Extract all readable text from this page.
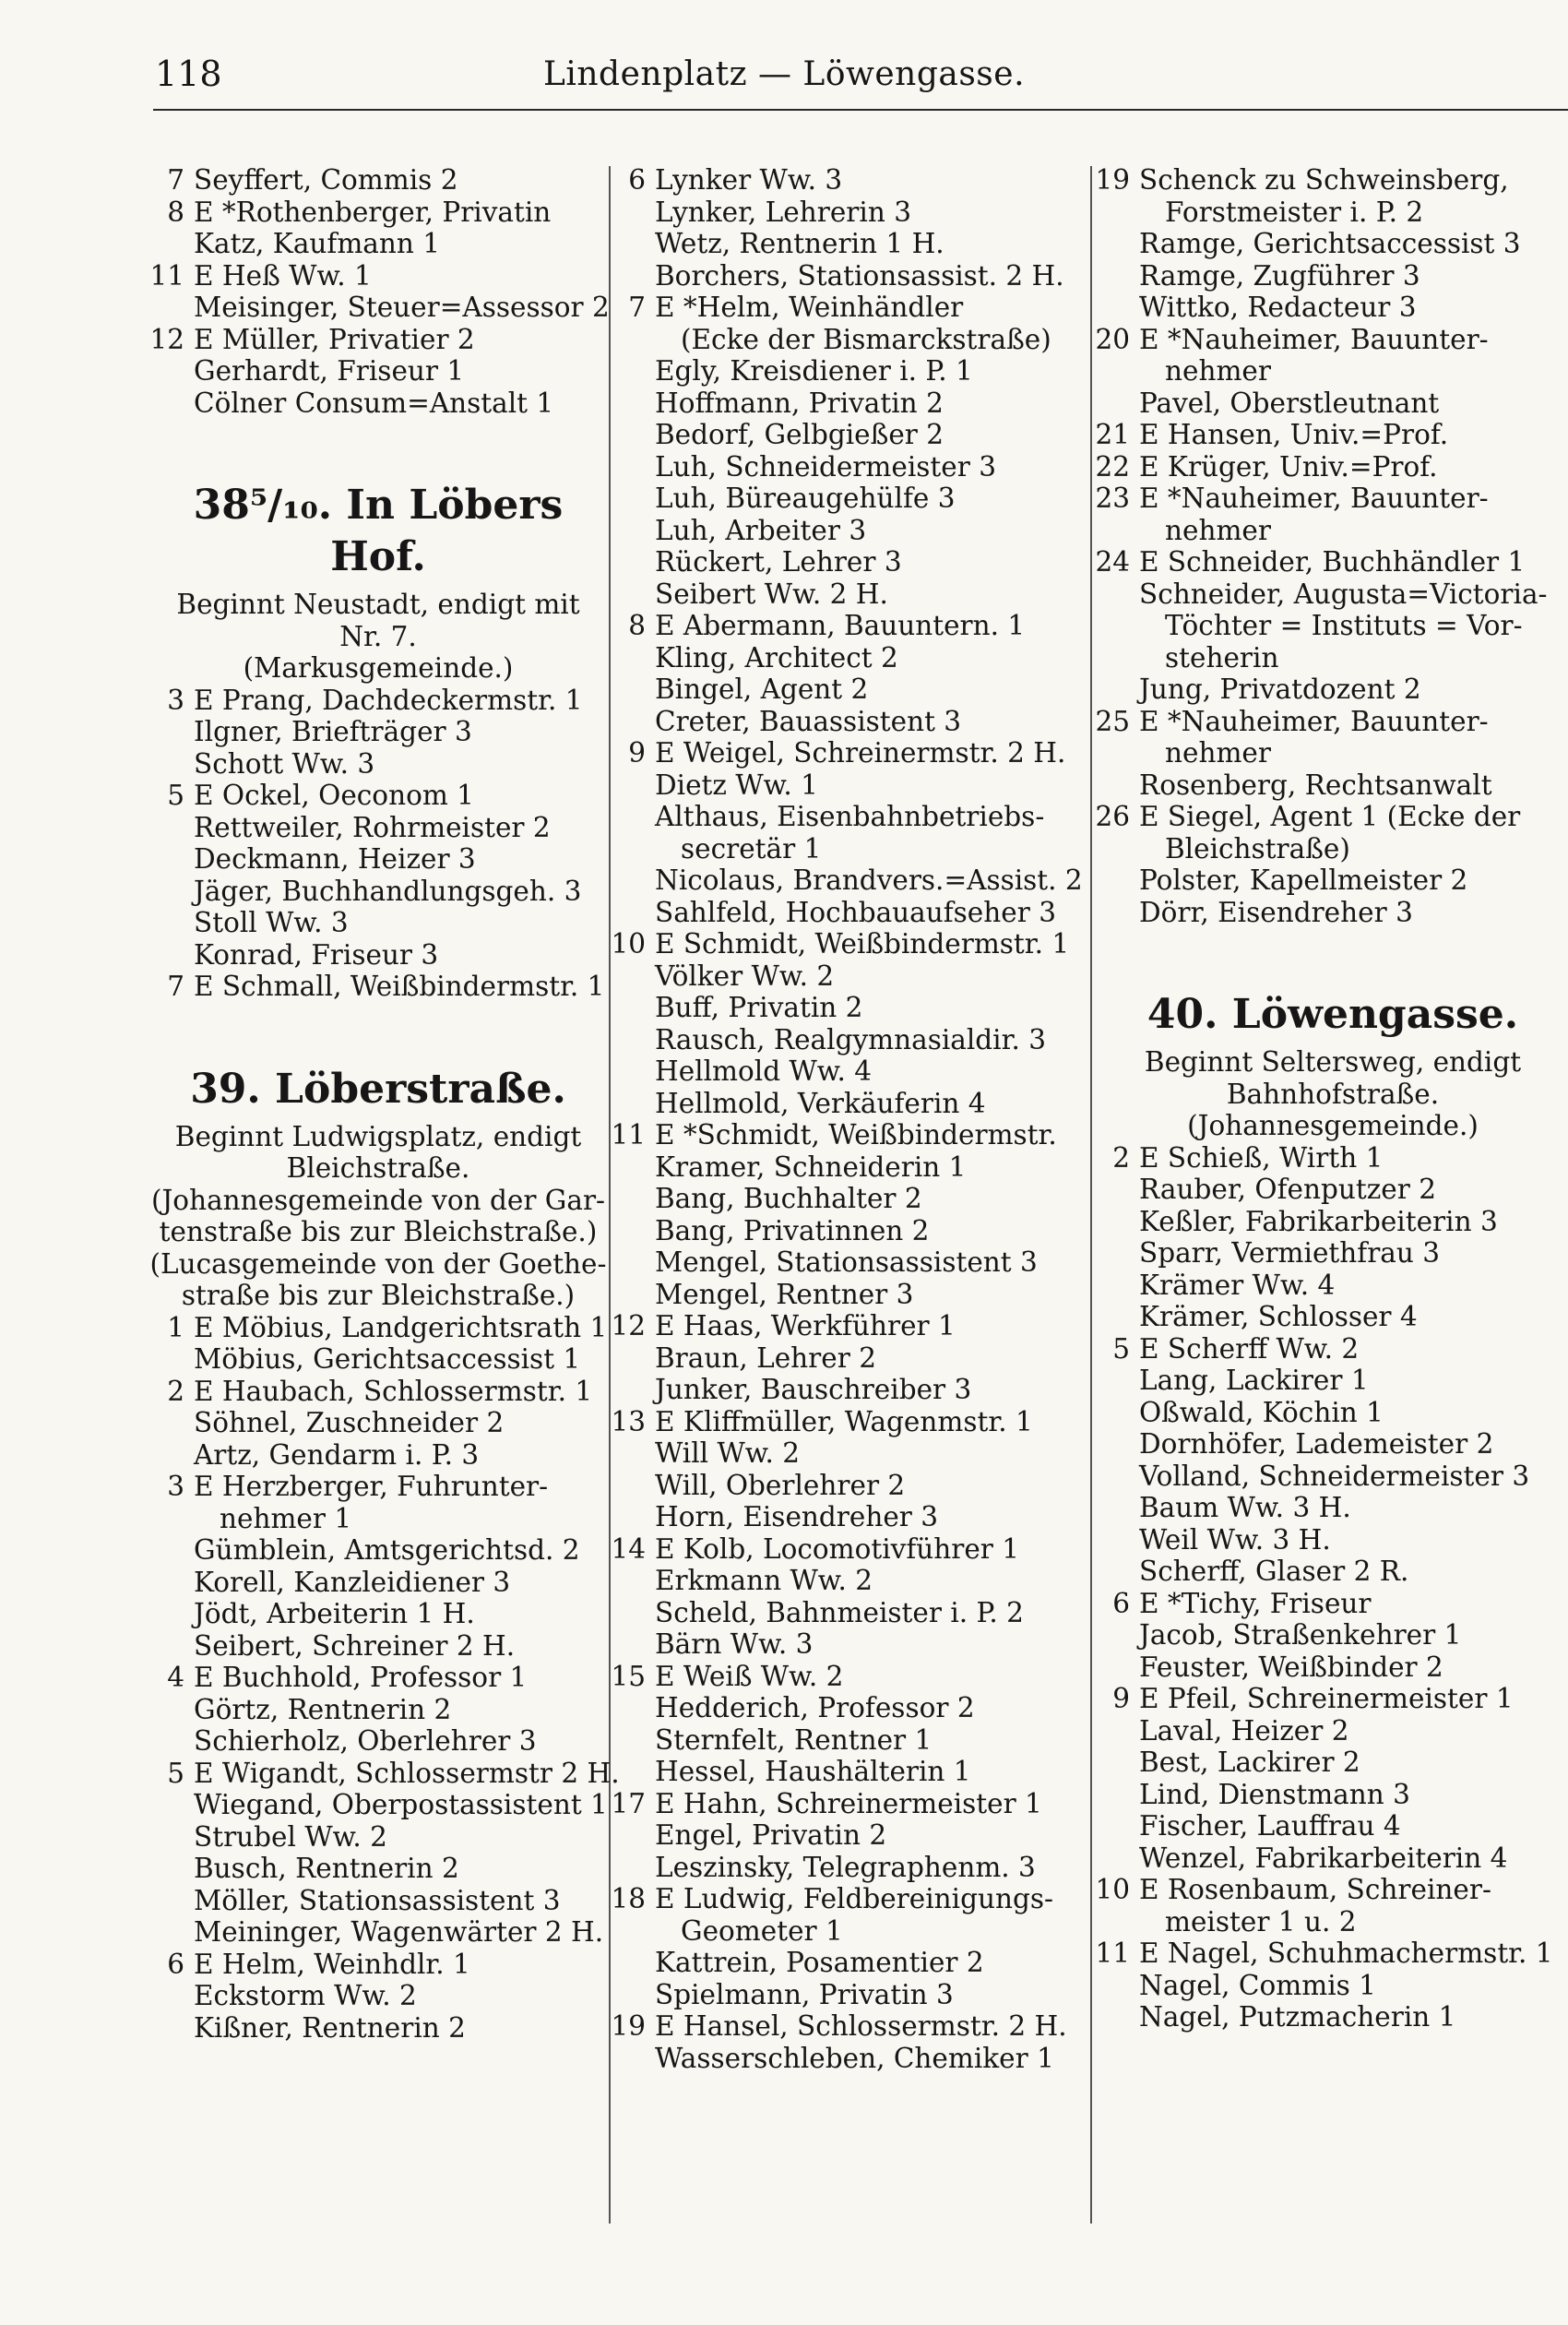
118	Lindenplatz — Löwengasse.
7 Seyffert, Commis 2
8 E *Rothenberger, Privatin
Katz, Kaufmann 1
11 E Heß Ww. 1
Meisinger, Steuer=Assessor 2
12 E Müller, Privatier 2
Gerhardt, Friseur 1
Cölner Consum=Anstalt 1
38⁵/₁₀. In Löbers Hof.
Beginnt Neustadt, endigt mit
Nr. 7.
(Markusgemeinde.)
3 E Prang, Dachdeckermstr. 1
Ilgner, Briefträger 3
Schott Ww. 3
5 E Ockel, Oeconom 1
Rettweiler, Rohrmeister 2
Deckmann, Heizer 3
Jäger, Buchhandlungsgeh. 3
Stoll Ww. 3
Konrad, Friseur 3
7 E Schmall, Weißbindermstr. 1
39. Löberstraße.
Beginnt Ludwigsplatz, endigt
Bleichstraße.
(Johannesgemeinde von der Gar-
tenstraße bis zur Bleichstraße.)
(Lucasgemeinde von der Goethe-
straße bis zur Bleichstraße.)
1 E Möbius, Landgerichtsrath 1
Möbius, Gerichtsaccessist 1
2 E Haubach, Schlossermstr. 1
Söhnel, Zuschneider 2
Artz, Gendarm i. P. 3
3 E Herzberger, Fuhrunter-
nehmer 1
Gümblein, Amtsgerichtsd. 2
Korell, Kanzleidiener 3
Jödt, Arbeiterin 1 H.
Seibert, Schreiner 2 H.
4 E Buchhold, Professor 1
Görtz, Rentnerin 2
Schierholz, Oberlehrer 3
5 E Wigandt, Schlossermstr 2 H.
Wiegand, Oberpostassistent 1
Strubel Ww. 2
Busch, Rentnerin 2
Möller, Stationsassistent 3
Meininger, Wagenwärter 2 H.
6 E Helm, Weinhdlr. 1
Eckstorm Ww. 2
Kißner, Rentnerin 2
6 Lynker Ww. 3
Lynker, Lehrerin 3
Wetz, Rentnerin 1 H.
Borchers, Stationsassist. 2 H.
7 E *Helm, Weinhändler
(Ecke der Bismarckstraße)
Egly, Kreisdiener i. P. 1
Hoffmann, Privatin 2
Bedorf, Gelbgießer 2
Luh, Schneidermeister 3
Luh, Büreaugehülfe 3
Luh, Arbeiter 3
Rückert, Lehrer 3
Seibert Ww. 2 H.
8 E Abermann, Bauuntern. 1
Kling, Architect 2
Bingel, Agent 2
Creter, Bauassistent 3
9 E Weigel, Schreinermstr. 2 H.
Dietz Ww. 1
Althaus, Eisenbahnbetriebs-
secretär 1
Nicolaus, Brandvers.=Assist. 2
Sahlfeld, Hochbauaufseher 3
10 E Schmidt, Weißbindermstr. 1
Völker Ww. 2
Buff, Privatin 2
Rausch, Realgymnasialdir. 3
Hellmold Ww. 4
Hellmold, Verkäuferin 4
11 E *Schmidt, Weißbindermstr.
Kramer, Schneiderin 1
Bang, Buchhalter 2
Bang, Privatinnen 2
Mengel, Stationsassistent 3
Mengel, Rentner 3
12 E Haas, Werkführer 1
Braun, Lehrer 2
Junker, Bauschreiber 3
13 E Kliffmüller, Wagenmstr. 1
Will Ww. 2
Will, Oberlehrer 2
Horn, Eisendreher 3
14 E Kolb, Locomotivführer 1
Erkmann Ww. 2
Scheld, Bahnmeister i. P. 2
Bärn Ww. 3
15 E Weiß Ww. 2
Hedderich, Professor 2
Sternfelt, Rentner 1
Hessel, Haushälterin 1
17 E Hahn, Schreinermeister 1
Engel, Privatin 2
Leszinsky, Telegraphenm. 3
18 E Ludwig, Feldbereinigungs-
Geometer 1
Kattrein, Posamentier 2
Spielmann, Privatin 3
19 E Hansel, Schlossermstr. 2 H.
Wasserschleben, Chemiker 1
19 Schenck zu Schweinsberg,
Forstmeister i. P. 2
Ramge, Gerichtsaccessist 3
Ramge, Zugführer 3
Wittko, Redacteur 3
20 E *Nauheimer, Bauunter-
nehmer
Pavel, Oberstleutnant
21 E Hansen, Univ.=Prof.
22 E Krüger, Univ.=Prof.
23 E *Nauheimer, Bauunter-
nehmer
24 E Schneider, Buchhändler 1
Schneider, Augusta=Victoria-
Töchter = Instituts = Vor-
steherin
Jung, Privatdozent 2
25 E *Nauheimer, Bauunter-
nehmer
Rosenberg, Rechtsanwalt
26 E Siegel, Agent 1 (Ecke der
Bleichstraße)
Polster, Kapellmeister 2
Dörr, Eisendreher 3
40. Löwengasse.
Beginnt Seltersweg, endigt
Bahnhofstraße.
(Johannesgemeinde.)
2 E Schieß, Wirth 1
Rauber, Ofenputzer 2
Keßler, Fabrikarbeiterin 3
Sparr, Vermiethfrau 3
Krämer Ww. 4
Krämer, Schlosser 4
5 E Scherff Ww. 2
Lang, Lackirer 1
Oßwald, Köchin 1
Dornhöfer, Lademeister 2
Volland, Schneidermeister 3
Baum Ww. 3 H.
Weil Ww. 3 H.
Scherff, Glaser 2 R.
6 E *Tichy, Friseur
Jacob, Straßenkehrer 1
Feuster, Weißbinder 2
9 E Pfeil, Schreinermeister 1
Laval, Heizer 2
Best, Lackirer 2
Lind, Dienstmann 3
Fischer, Lauffrau 4
Wenzel, Fabrikarbeiterin 4
10 E Rosenbaum, Schreiner-
meister 1 u. 2
11 E Nagel, Schuhmachermstr. 1
Nagel, Commis 1
Nagel, Putzmacherin 1
